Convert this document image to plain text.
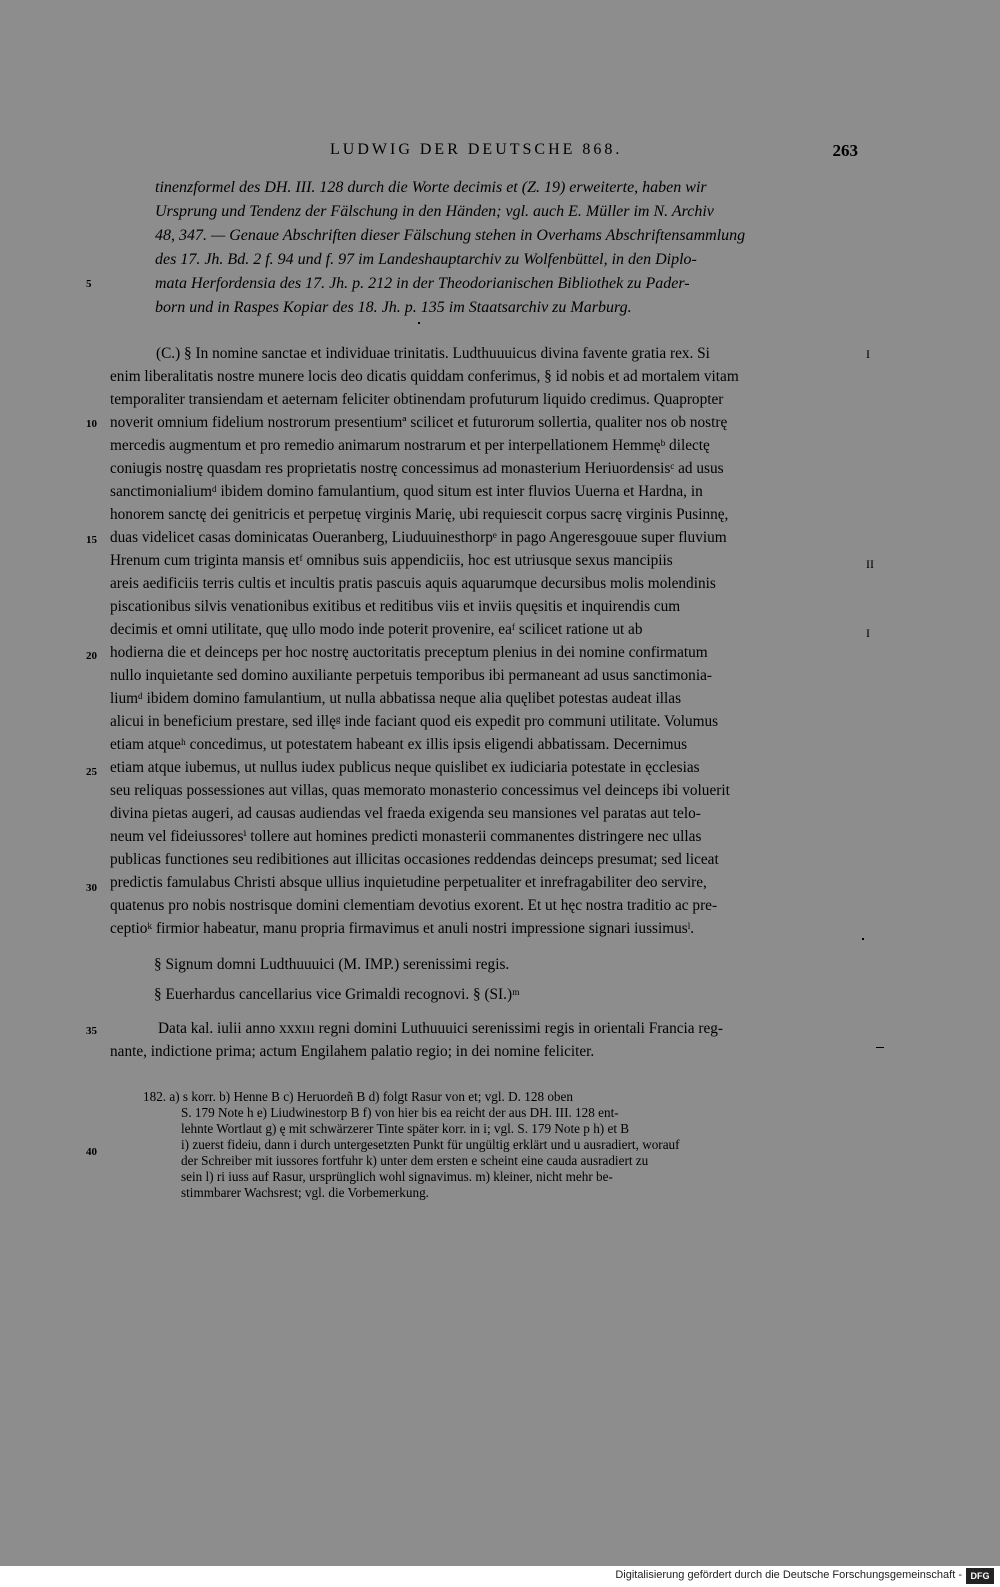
LUDWIG DER DEUTSCHE 868.	263
tinenzformel des DH. III. 128 durch die Worte decimis et (Z. 19) erweiterte, haben wir
Ursprung und Tendenz der Fälschung in den Händen; vgl. auch E. Müller im N. Archiv
48, 347. — Genaue Abschriften dieser Fälschung stehen in Overhams Abschriftensammlung
des 17. Jh. Bd. 2 f. 94 und f. 97 im Landeshauptarchiv zu Wolfenbüttel, in den Diplo-
mata Herfordensia des 17. Jh. p. 212 in der Theodorianischen Bibliothek zu Pader-
born und in Raspes Kopiar des 18. Jh. p. 135 im Staatsarchiv zu Marburg.
5
10
15
20
25
30
35
40
I
II
I
(C.) § In nomine sanctae et individuae trinitatis. Ludthuuuicus divina favente gratia rex. Si
enim liberalitatis nostre munere locis deo dicatis quiddam conferimus, § id nobis et ad mortalem vitam
temporaliter transiendam et aeternam feliciter obtinendam profuturum liquido credimus. Quapropter
noverit omnium fidelium nostrorum presentiumª scilicet et futurorum sollertia, qualiter nos ob nostrę
mercedis augmentum et pro remedio animarum nostrarum et per interpellationem Hemmęᵇ dilectę
coniugis nostrę quasdam res proprietatis nostrę concessimus ad monasterium Heriuordensisᶜ ad usus
sanctimonialiumᵈ ibidem domino famulantium, quod situm est inter fluvios Uuerna et Hardna, in
honorem sanctę dei genitricis et perpetuę virginis Marię, ubi requiescit corpus sacrę virginis Pusinnę,
duas videlicet casas dominicatas Oueranberg, Liuduuinesthorpᵉ in pago Angeresgouue super fluvium
Hrenum cum triginta mansis etᶠ omnibus suis appendiciis, hoc est utriusque sexus mancipiis
areis aedificiis terris cultis et incultis pratis pascuis aquis aquarumque decursibus molis molendinis
piscationibus silvis venationibus exitibus et reditibus viis et inviis quęsitis et inquirendis cum
decimis et omni utilitate, quę ullo modo inde poterit provenire, eaᶠ scilicet ratione ut ab
hodierna die et deinceps per hoc nostrę auctoritatis preceptum plenius in dei nomine confirmatum
nullo inquietante sed domino auxiliante perpetuis temporibus ibi permaneant ad usus sanctimonia-
liumᵈ ibidem domino famulantium, ut nulla abbatissa neque alia quęlibet potestas audeat illas
alicui in beneficium prestare, sed illęᵍ inde faciant quod eis expedit pro communi utilitate. Volumus
etiam atqueʰ concedimus, ut potestatem habeant ex illis ipsis eligendi abbatissam. Decernimus
etiam atque iubemus, ut nullus iudex publicus neque quislibet ex iudiciaria potestate in ęcclesias
seu reliquas possessiones aut villas, quas memorato monasterio concessimus vel deinceps ibi voluerit
divina pietas augeri, ad causas audiendas vel fraeda exigenda seu mansiones vel paratas aut telo-
neum vel fideiussoresⁱ tollere aut homines predicti monasterii commanentes distringere nec ullas
publicas functiones seu redibitiones aut illicitas occasiones reddendas deinceps presumat; sed liceat
predictis famulabus Christi absque ullius inquietudine perpetualiter et inrefragabiliter deo servire,
quatenus pro nobis nostrisque domini clementiam devotius exorent. Et ut hęc nostra traditio ac pre-
ceptioᵏ firmior habeatur, manu propria firmavimus et anuli nostri impressione signari iussimusˡ.
§ Signum domni Ludthuuuici (M. IMP.) serenissimi regis.
§ Euerhardus cancellarius vice Grimaldi recognovi. § (SI.)ᵐ
Data kal. iulii anno xxxııı regni domini Luthuuuici serenissimi regis in orientali Francia reg-
nante, indictione prima; actum Engilahem palatio regio; in dei nomine feliciter.
182. a) s korr. b) Henne B c) Heruordeñ B d) folgt Rasur von et; vgl. D. 128 oben
S. 179 Note h e) Liudwinestorp B f) von hier bis ea reicht der aus DH. III. 128 ent-
lehnte Wortlaut g) ę mit schwärzerer Tinte später korr. in i; vgl. S. 179 Note p h) et B
i) zuerst fideiu, dann i durch untergesetzten Punkt für ungültig erklärt und u ausradiert, worauf
der Schreiber mit iussores fortfuhr k) unter dem ersten e scheint eine cauda ausradiert zu
sein l) ri iuss auf Rasur, ursprünglich wohl signavimus. m) kleiner, nicht mehr be-
stimmbarer Wachsrest; vgl. die Vorbemerkung.
Digitalisierung gefördert durch die Deutsche Forschungsgemeinschaft - DFG
